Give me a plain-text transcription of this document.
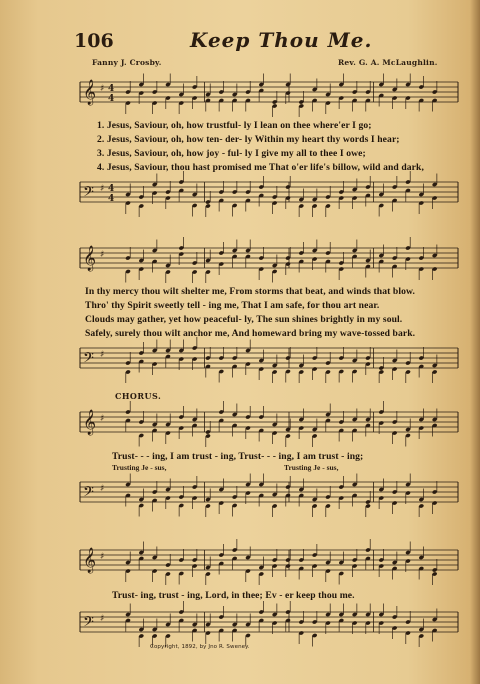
106	Keep Thou Me.
Fanny J. Crosby.	Rev. G. A. McLaughlin.
𝄞 ♯ 4
4
1. Jesus, Saviour, oh, how trustful- ly I lean on thee where'er I go;
2. Jesus, Saviour, oh, how ten- der- ly Within my heart thy words I hear;
3. Jesus, Saviour, oh, how joy - ful- ly I give my all to thee I owe;
4. Jesus, Saviour, thou hast promised me That o'er life's billow, wild and dark,
𝄢 ♯ 4
4
𝄞 ♯
In thy mercy thou wilt shelter me, From storms that beat, and winds that blow.
Thro' thy Spirit sweetly tell - ing me, That I am safe, for thou art near.
Clouds may gather, yet how peaceful- ly, The sun shines brightly in my soul.
Safely, surely thou wilt anchor me, And homeward bring my wave-tossed bark.
𝄢 ♯
CHORUS.
𝄞 ♯
Trust- - - ing, I am trust - ing, Trust- - - ing, I am trust - ing;
Trusting Je - sus,	Trusting Je - sus,
𝄢 ♯
𝄞 ♯
Trust- ing, trust - ing, Lord, in thee; Ev - er keep thou me.
𝄢 ♯
Copyright, 1892, by Jno R. Sweney.
